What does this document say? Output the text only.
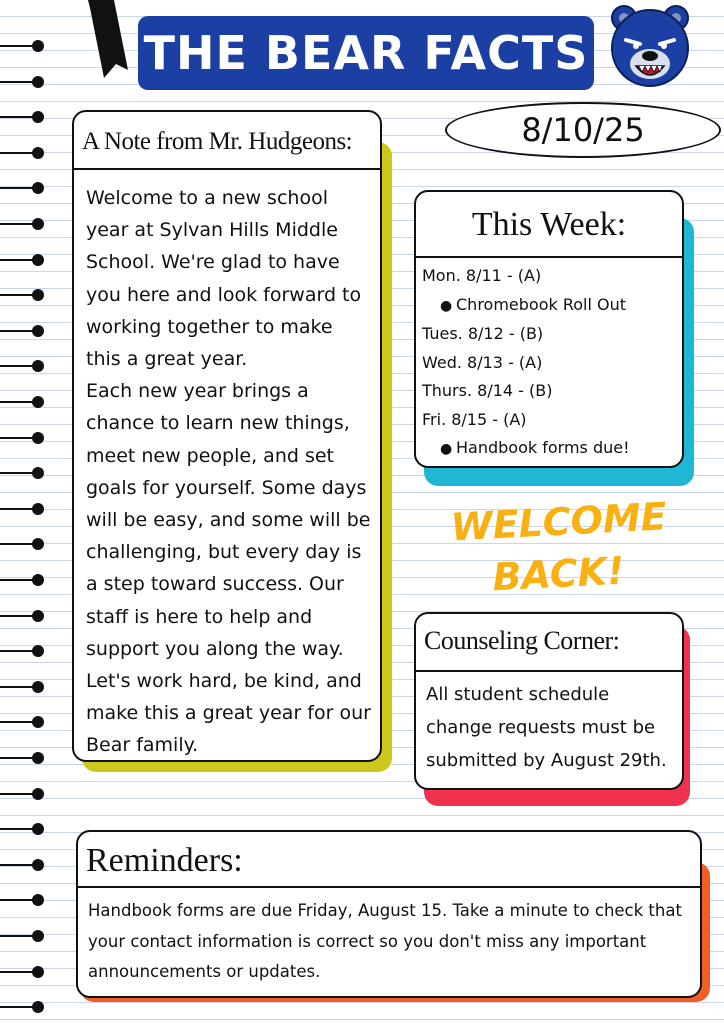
THE BEAR FACTS
8/10/25
A Note from Mr. Hudgeons:

Welcome to a new school year at Sylvan Hills Middle School. We're glad to have you here and look forward to working together to make this a great year.

Each new year brings a chance to learn new things, meet new people, and set goals for yourself. Some days will be easy, and some will be challenging, but every day is a step toward success. Our staff is here to help and support you along the way.

Let's work hard, be kind, and make this a great year for our Bear family.

This Week:
Mon. 8/11 - (A)
● Chromebook Roll Out
Tues. 8/12 - (B)
Wed. 8/13 - (A)
Thurs. 8/14 - (B)
Fri. 8/15 - (A)
● Handbook forms due!
WELCOME
BACK!
Counseling Corner:
All student schedule change requests must be submitted by August 29th.
Reminders:
Handbook forms are due Friday, August 15. Take a minute to check that your contact information is correct so you don't miss any important announcements or updates.
